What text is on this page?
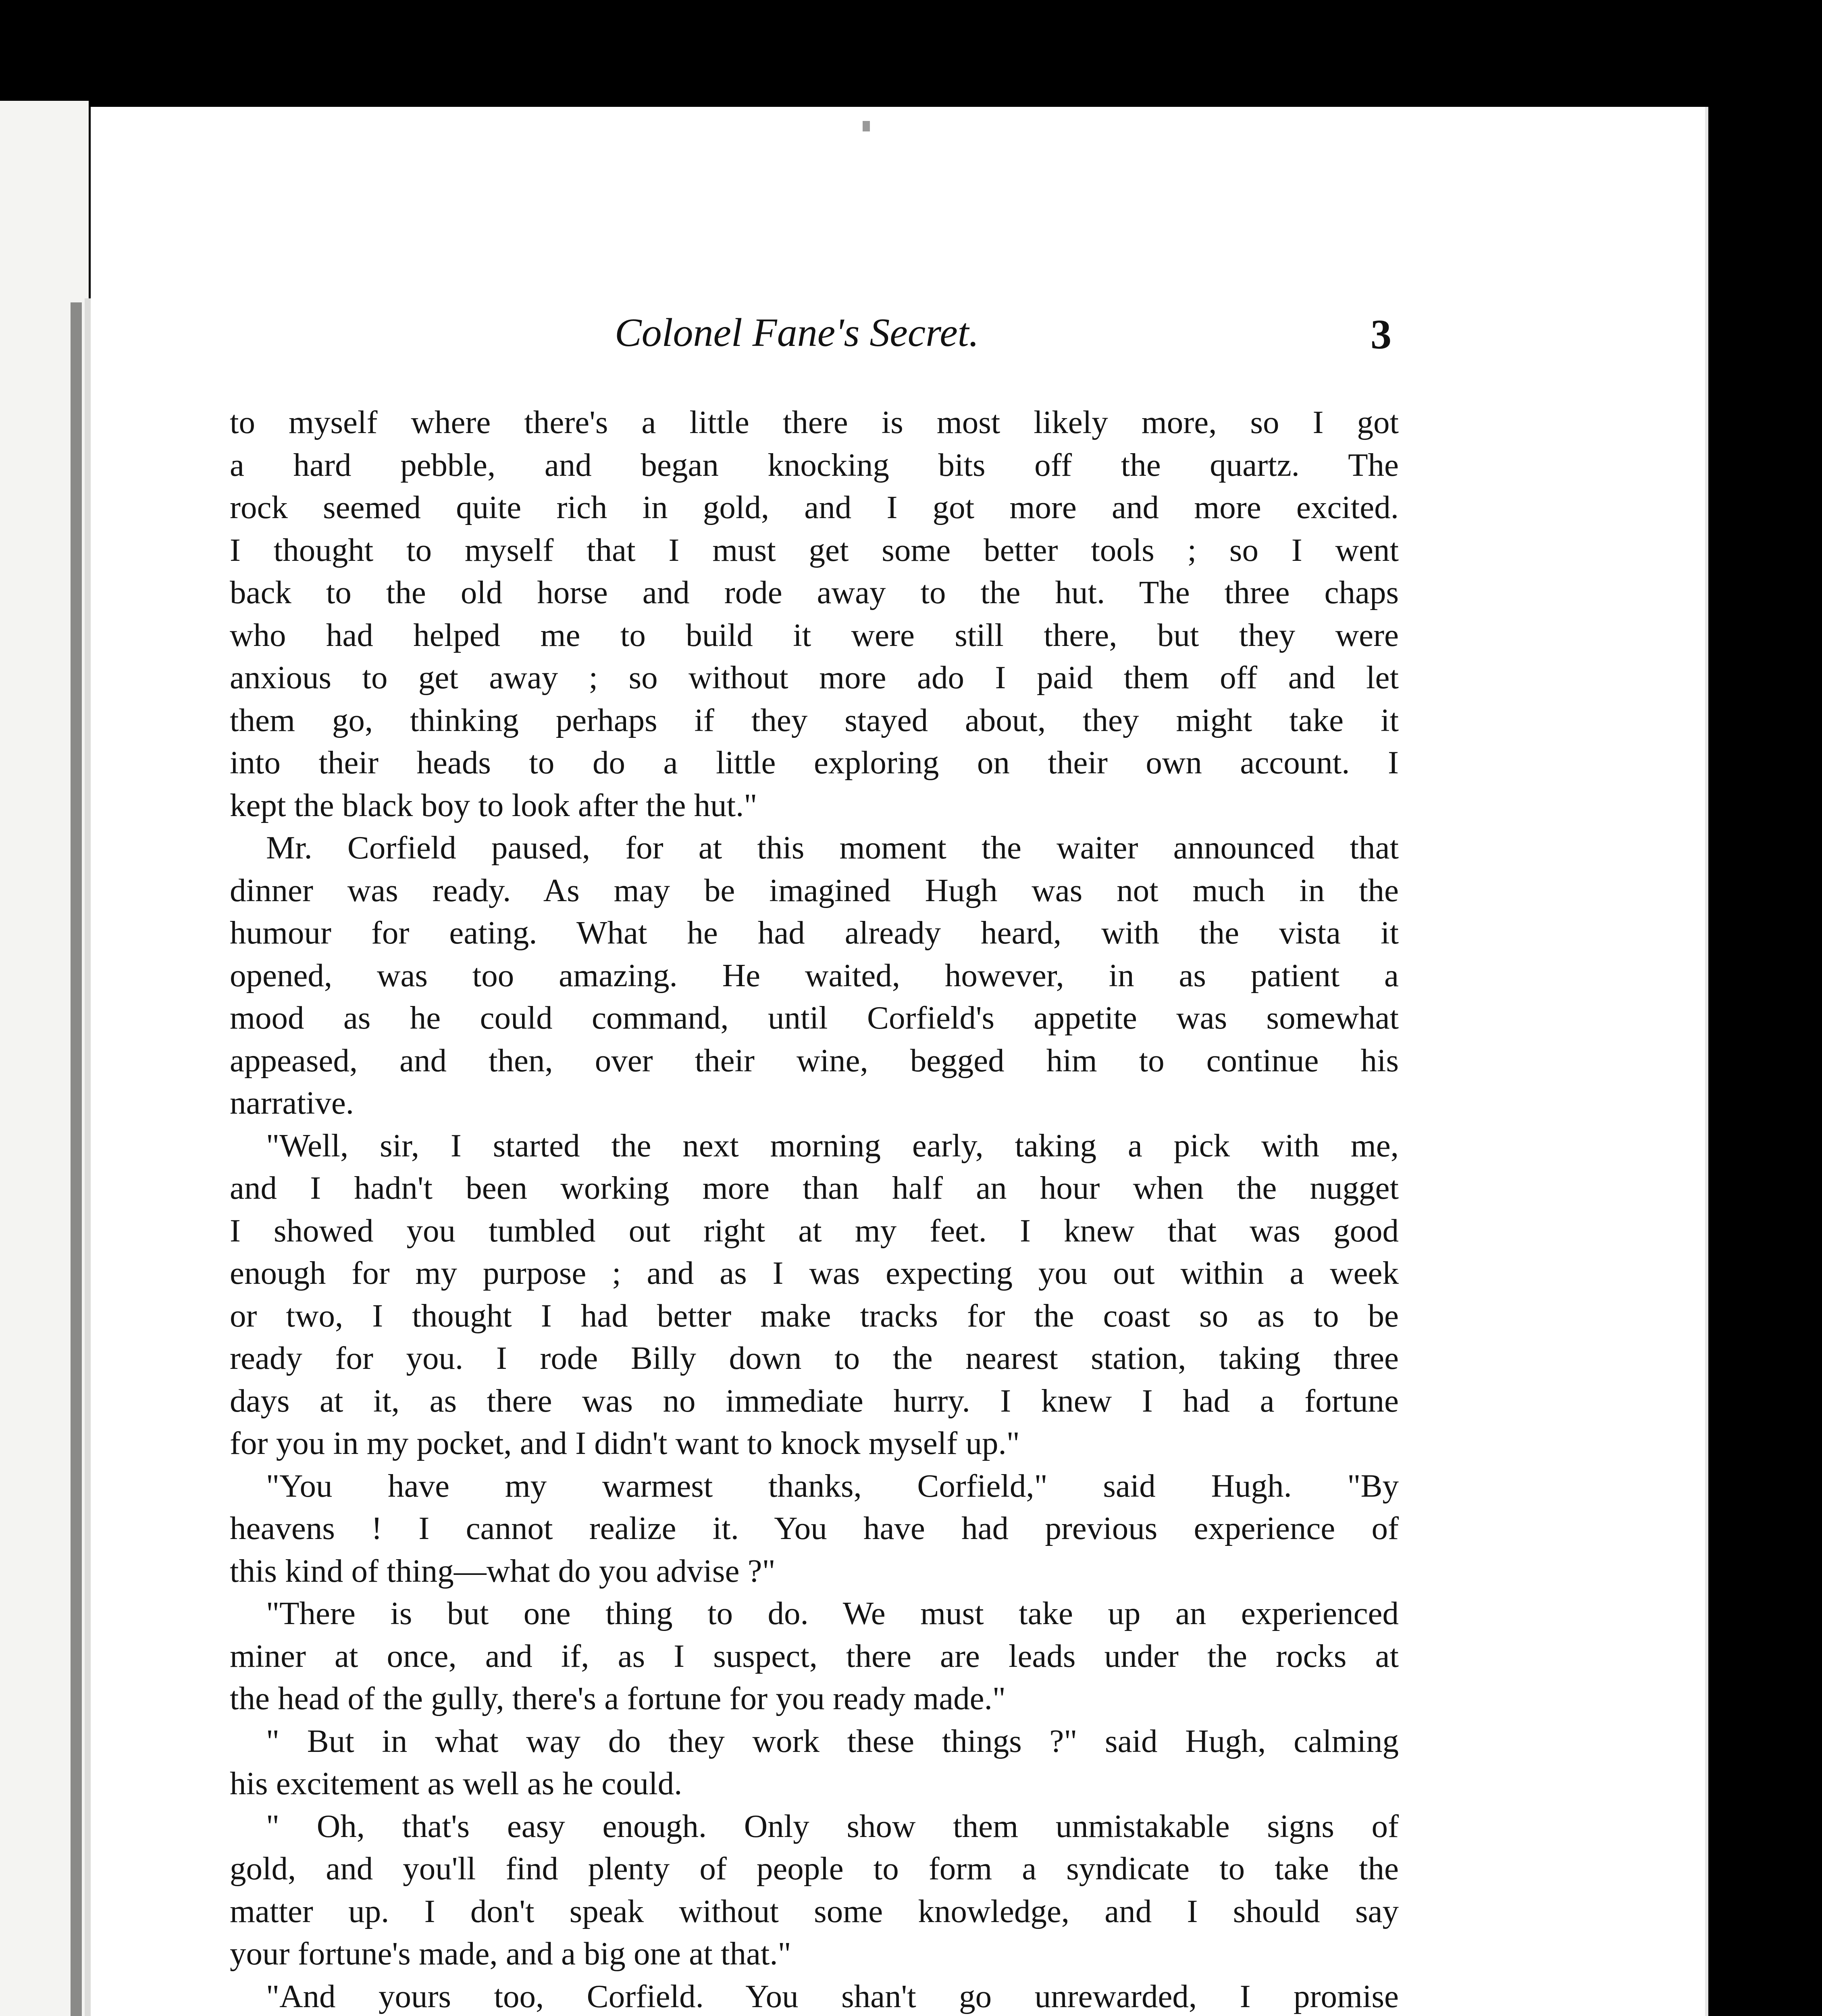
Colonel Fane's Secret.	3
to myself where there's a little there is most likely more, so I got
a hard pebble, and began knocking bits off the quartz. The
rock seemed quite rich in gold, and I got more and more excited.
I thought to myself that I must get some better tools ; so I went
back to the old horse and rode away to the hut. The three chaps
who had helped me to build it were still there, but they were
anxious to get away ; so without more ado I paid them off and let
them go, thinking perhaps if they stayed about, they might take it
into their heads to do a little exploring on their own account. I
kept the black boy to look after the hut."
Mr. Corfield paused, for at this moment the waiter announced that
dinner was ready. As may be imagined Hugh was not much in the
humour for eating. What he had already heard, with the vista it
opened, was too amazing. He waited, however, in as patient a
mood as he could command, until Corfield's appetite was somewhat
appeased, and then, over their wine, begged him to continue his
narrative.
"Well, sir, I started the next morning early, taking a pick with me,
and I hadn't been working more than half an hour when the nugget
I showed you tumbled out right at my feet. I knew that was good
enough for my purpose ; and as I was expecting you out within a week
or two, I thought I had better make tracks for the coast so as to be
ready for you. I rode Billy down to the nearest station, taking three
days at it, as there was no immediate hurry. I knew I had a fortune
for you in my pocket, and I didn't want to knock myself up."
"You have my warmest thanks, Corfield," said Hugh. "By
heavens ! I cannot realize it. You have had previous experience of
this kind of thing—what do you advise ?"
"There is but one thing to do. We must take up an experienced
miner at once, and if, as I suspect, there are leads under the rocks at
the head of the gully, there's a fortune for you ready made."
" But in what way do they work these things ?" said Hugh, calming
his excitement as well as he could.
" Oh, that's easy enough. Only show them unmistakable signs of
gold, and you'll find plenty of people to form a syndicate to take the
matter up. I don't speak without some knowledge, and I should say
your fortune's made, and a big one at that."
"And yours too, Corfield. You shan't go unrewarded, I promise
